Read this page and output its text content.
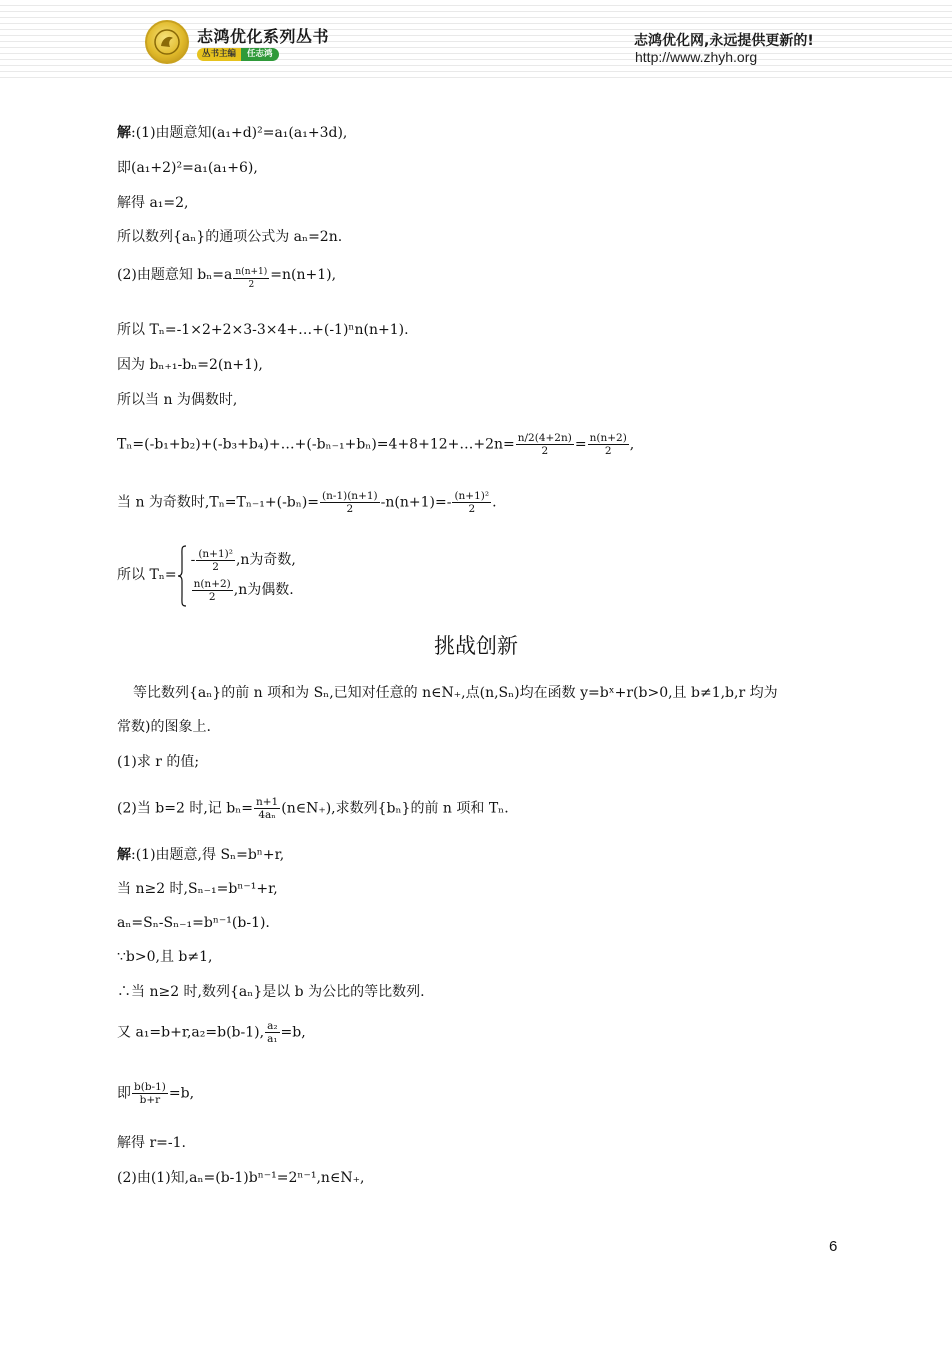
志鸿优化系列丛书
丛书主编	任志鸿
志鸿优化网,永远提供更新的!
http://www.zhyh.org
解:(1)由题意知(a₁+d)²=a₁(a₁+3d),
即(a₁+2)²=a₁(a₁+6),
解得 a₁=2,
所以数列{aₙ}的通项公式为 aₙ=2n.
(2)由题意知 $b_n=a \frac{n(n+1)}{2} =n(n+1)$,
所以 Tₙ=-1×2+2×3-3×4+…+(-1)ⁿn(n+1).
因为 bₙ₊₁-bₙ=2(n+1),
所以当 n 为偶数时,
Tₙ=(-b₁+b₂)+(-b₃+b₄)+…+(-bₙ₋₁+bₙ)=4+8+12+…+2n= $\frac{n/2(4+2n)}{2} = \frac{n(n+2)}{2}$ ,
当 n 为奇数时$,T_n=T_{n-1}+(-b_n)= \frac{(n-1)(n+1)}{2} -n(n+1)=- \frac{\text{(n+1)²}}{2}$ .
所以 Tₙ=
- $\frac{\text{(n+1)²}}{2} ,n$为奇数,
$\frac{n(n+2)}{2} ,n$为偶数.
挑战创新
等比数列{aₙ}的前 n 项和为 Sₙ,已知对任意的 n∈N₊,点(n,Sₙ)均在函数 y=bˣ+r(b>0,且 b≠1,b,r 均为
常数)的图象上.
(1)求 r 的值;
(2)当 b=2 时,记 $b_n= \frac{n+1}{\text{4aₙ}}$ (n∈N₊),求数列{bₙ}的前 n 项和 Tₙ.
解:(1)由题意,得 Sₙ=bⁿ+r,
当 n≥2 时,Sₙ₋₁=bⁿ⁻¹+r,
aₙ=Sₙ-Sₙ₋₁=bⁿ⁻¹(b-1).
∵b>0,且 b≠1,
∴当 n≥2 时,数列{aₙ}是以 b 为公比的等比数列.
又 a₁=b+r,a₂=b(b-1), $\frac{\text{a₂}}{\text{a₁}} =b$,
即 $\frac{b(b-1)}{b+r} =b$,
解得 r=-1.
(2)由(1)知,aₙ=(b-1)bⁿ⁻¹=2ⁿ⁻¹,n∈N₊,
6
